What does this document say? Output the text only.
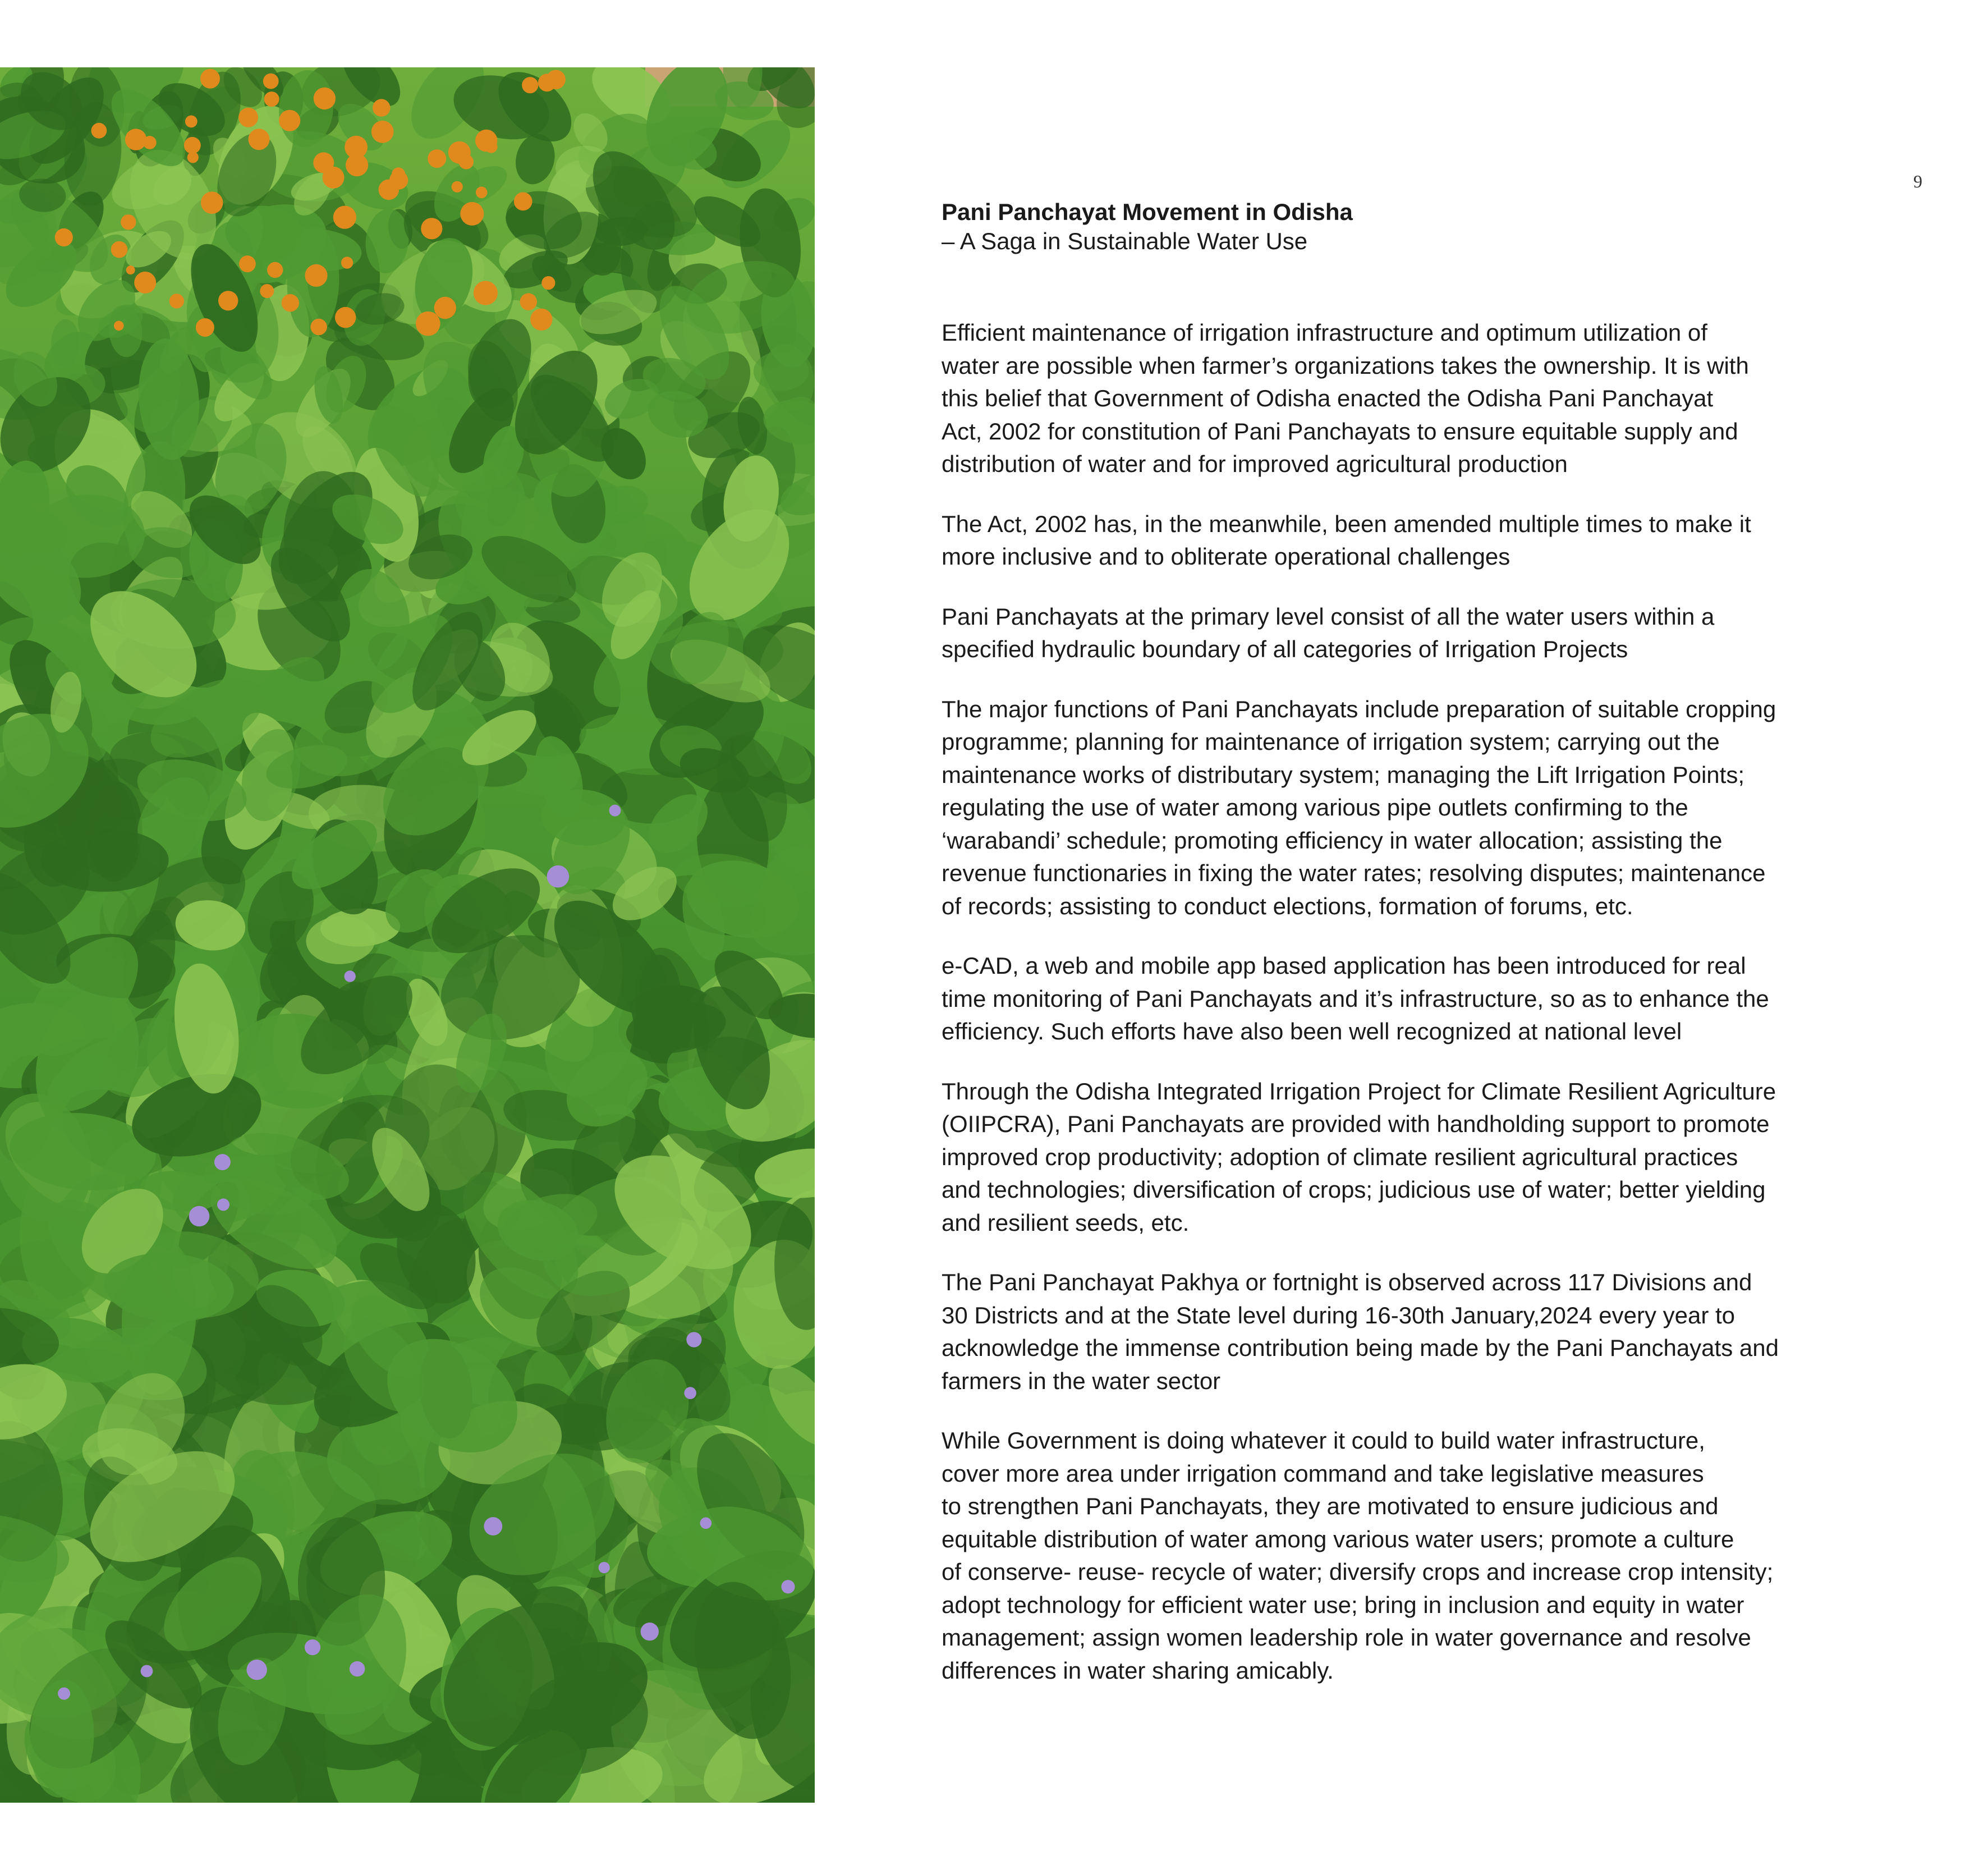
9

Pani Panchayat Movement in Odisha

– A Saga in Sustainable Water Use

Efficient maintenance of irrigation infrastructure and optimum utilization of
water are possible when farmer’s organizations takes the ownership. It is with
this belief that Government of Odisha enacted the Odisha Pani Panchayat
Act, 2002 for constitution of Pani Panchayats to ensure equitable supply and
distribution of water and for improved agricultural production

The Act, 2002 has, in the meanwhile, been amended multiple times to make it
more inclusive and to obliterate operational challenges

Pani Panchayats at the primary level consist of all the water users within a
specified hydraulic boundary of all categories of Irrigation Projects

The major functions of Pani Panchayats include preparation of suitable cropping
programme; planning for maintenance of irrigation system; carrying out the
maintenance works of distributary system; managing the Lift Irrigation Points;
regulating the use of water among various pipe outlets confirming to the
‘warabandi’ schedule; promoting efficiency in water allocation; assisting the
revenue functionaries in fixing the water rates; resolving disputes; maintenance
of records; assisting to conduct elections, formation of forums, etc.

e-CAD, a web and mobile app based application has been introduced for real
time monitoring of Pani Panchayats and it’s infrastructure, so as to enhance the
efficiency. Such efforts have also been well recognized at national level

Through the Odisha Integrated Irrigation Project for Climate Resilient Agriculture
(OIIPCRA), Pani Panchayats are provided with handholding support to promote
improved crop productivity; adoption of climate resilient agricultural practices
and technologies; diversification of crops; judicious use of water; better yielding
and resilient seeds, etc.

The Pani Panchayat Pakhya or fortnight is observed across 117 Divisions and
30 Districts and at the State level during 16-30th January,2024 every year to
acknowledge the immense contribution being made by the Pani Panchayats and
farmers in the water sector

While Government is doing whatever it could to build water infrastructure,
cover more area under irrigation command and take legislative measures
to strengthen Pani Panchayats, they are motivated to ensure judicious and
equitable distribution of water among various water users; promote a culture
of conserve- reuse- recycle of water; diversify crops and increase crop intensity;
adopt technology for efficient water use; bring in inclusion and equity in water
management; assign women leadership role in water governance and resolve
differences in water sharing amicably.
